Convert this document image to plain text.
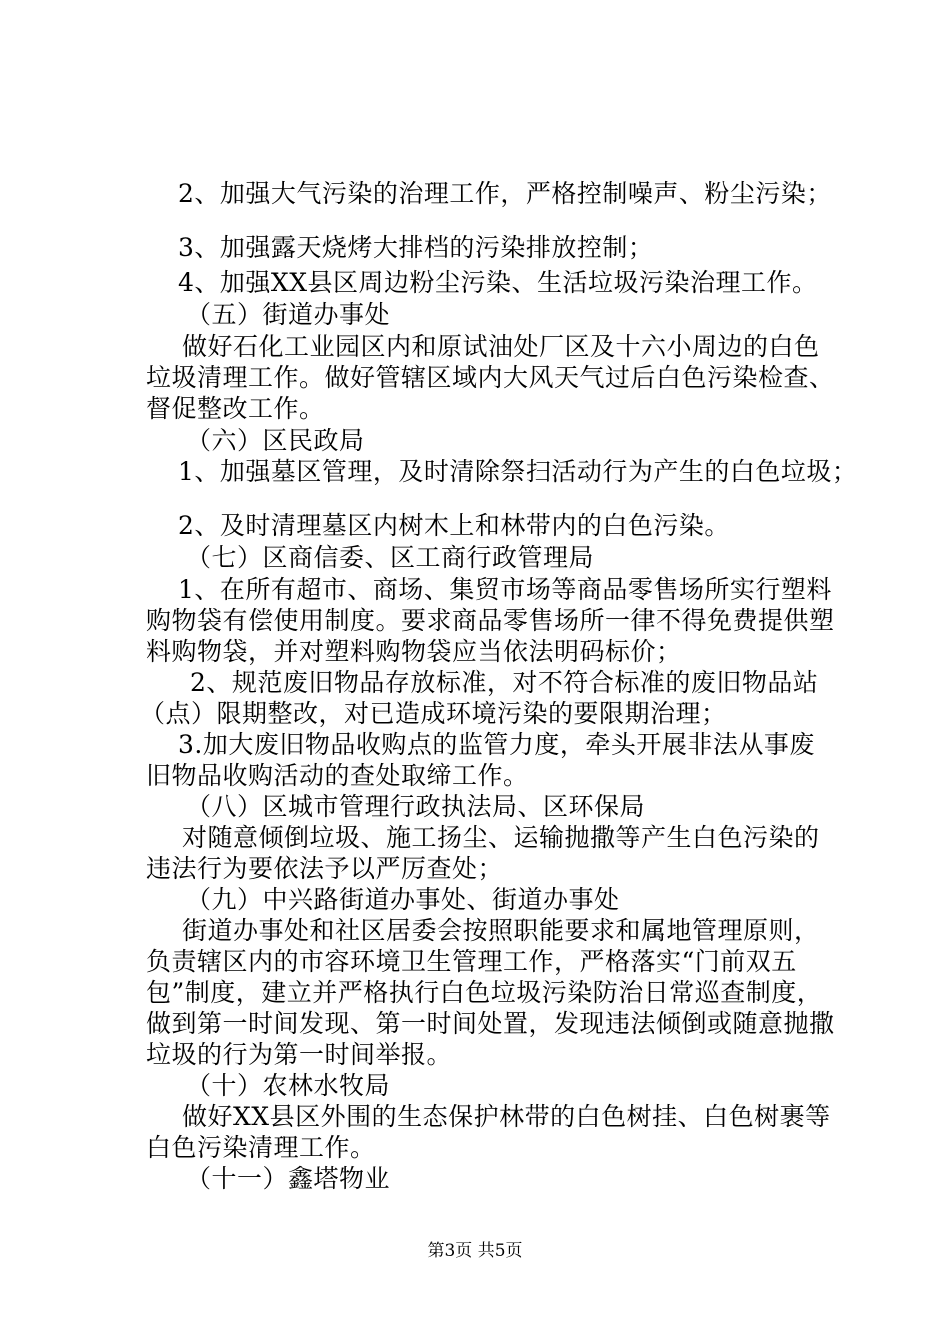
2、加强大气污染的治理工作，严格控制噪声、粉尘污染；
3、加强露天烧烤大排档的污染排放控制；
4、加强XX县区周边粉尘污染、生活垃圾污染治理工作。
（五）街道办事处
做好石化工业园区内和原试油处厂区及十六小周边的白色
垃圾清理工作。做好管辖区域内大风天气过后白色污染检查、
督促整改工作。
（六）区民政局
1、加强墓区管理，及时清除祭扫活动行为产生的白色垃圾；
2、及时清理墓区内树木上和林带内的白色污染。
（七）区商信委、区工商行政管理局
1、在所有超市、商场、集贸市场等商品零售场所实行塑料
购物袋有偿使用制度。要求商品零售场所一律不得免费提供塑
料购物袋，并对塑料购物袋应当依法明码标价；
2、规范废旧物品存放标准，对不符合标准的废旧物品站
（点）限期整改，对已造成环境污染的要限期治理；
3.加大废旧物品收购点的监管力度，牵头开展非法从事废
旧物品收购活动的查处取缔工作。
（八）区城市管理行政执法局、区环保局
对随意倾倒垃圾、施工扬尘、运输抛撒等产生白色污染的
违法行为要依法予以严厉查处；
（九）中兴路街道办事处、街道办事处
街道办事处和社区居委会按照职能要求和属地管理原则，
负责辖区内的市容环境卫生管理工作，严格落实“门前双五
包”制度，建立并严格执行白色垃圾污染防治日常巡查制度，
做到第一时间发现、第一时间处置，发现违法倾倒或随意抛撒
垃圾的行为第一时间举报。
（十）农林水牧局
做好XX县区外围的生态保护林带的白色树挂、白色树裹等
白色污染清理工作。
（十一）鑫塔物业
第3页 共5页
